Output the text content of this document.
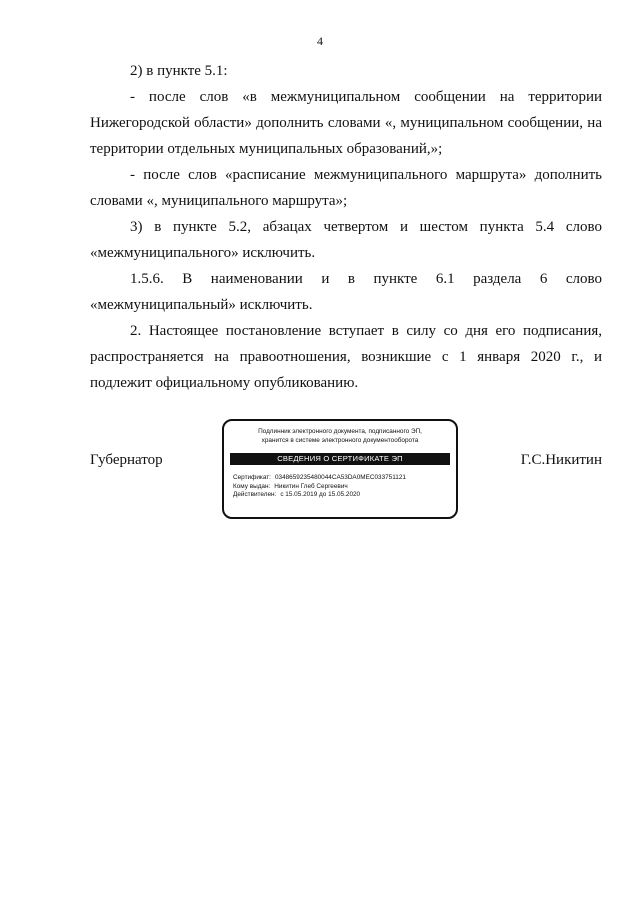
4

2) в пункте 5.1:

- после слов «в межмуниципальном сообщении на территории Нижегородской области» дополнить словами «, муниципальном сообщении, на территории отдельных муниципальных образований,»;

- после слов «расписание межмуниципального маршрута» дополнить словами «, муниципального маршрута»;

3) в пункте 5.2, абзацах четвертом и шестом пункта 5.4 слово «межмуниципального» исключить.

1.5.6. В наименовании и в пункте 6.1 раздела 6 слово «межмуниципальный» исключить.

2. Настоящее постановление вступает в силу со дня его подписания, распространяется на правоотношения, возникшие с 1 января 2020 г., и подлежит официальному опубликованию.

Губернатор	Г.С.Никитин
Подлинник электронного документа, подписанного ЭП,
хранится в системе электронного документооборота
СВЕДЕНИЯ О СЕРТИФИКАТЕ ЭП
Сертификат: 0348659235480044CA53DA0MEC033751121
Кому выдан: Никитин Глеб Сергеевич
Действителен: с 15.05.2019 до 15.05.2020
